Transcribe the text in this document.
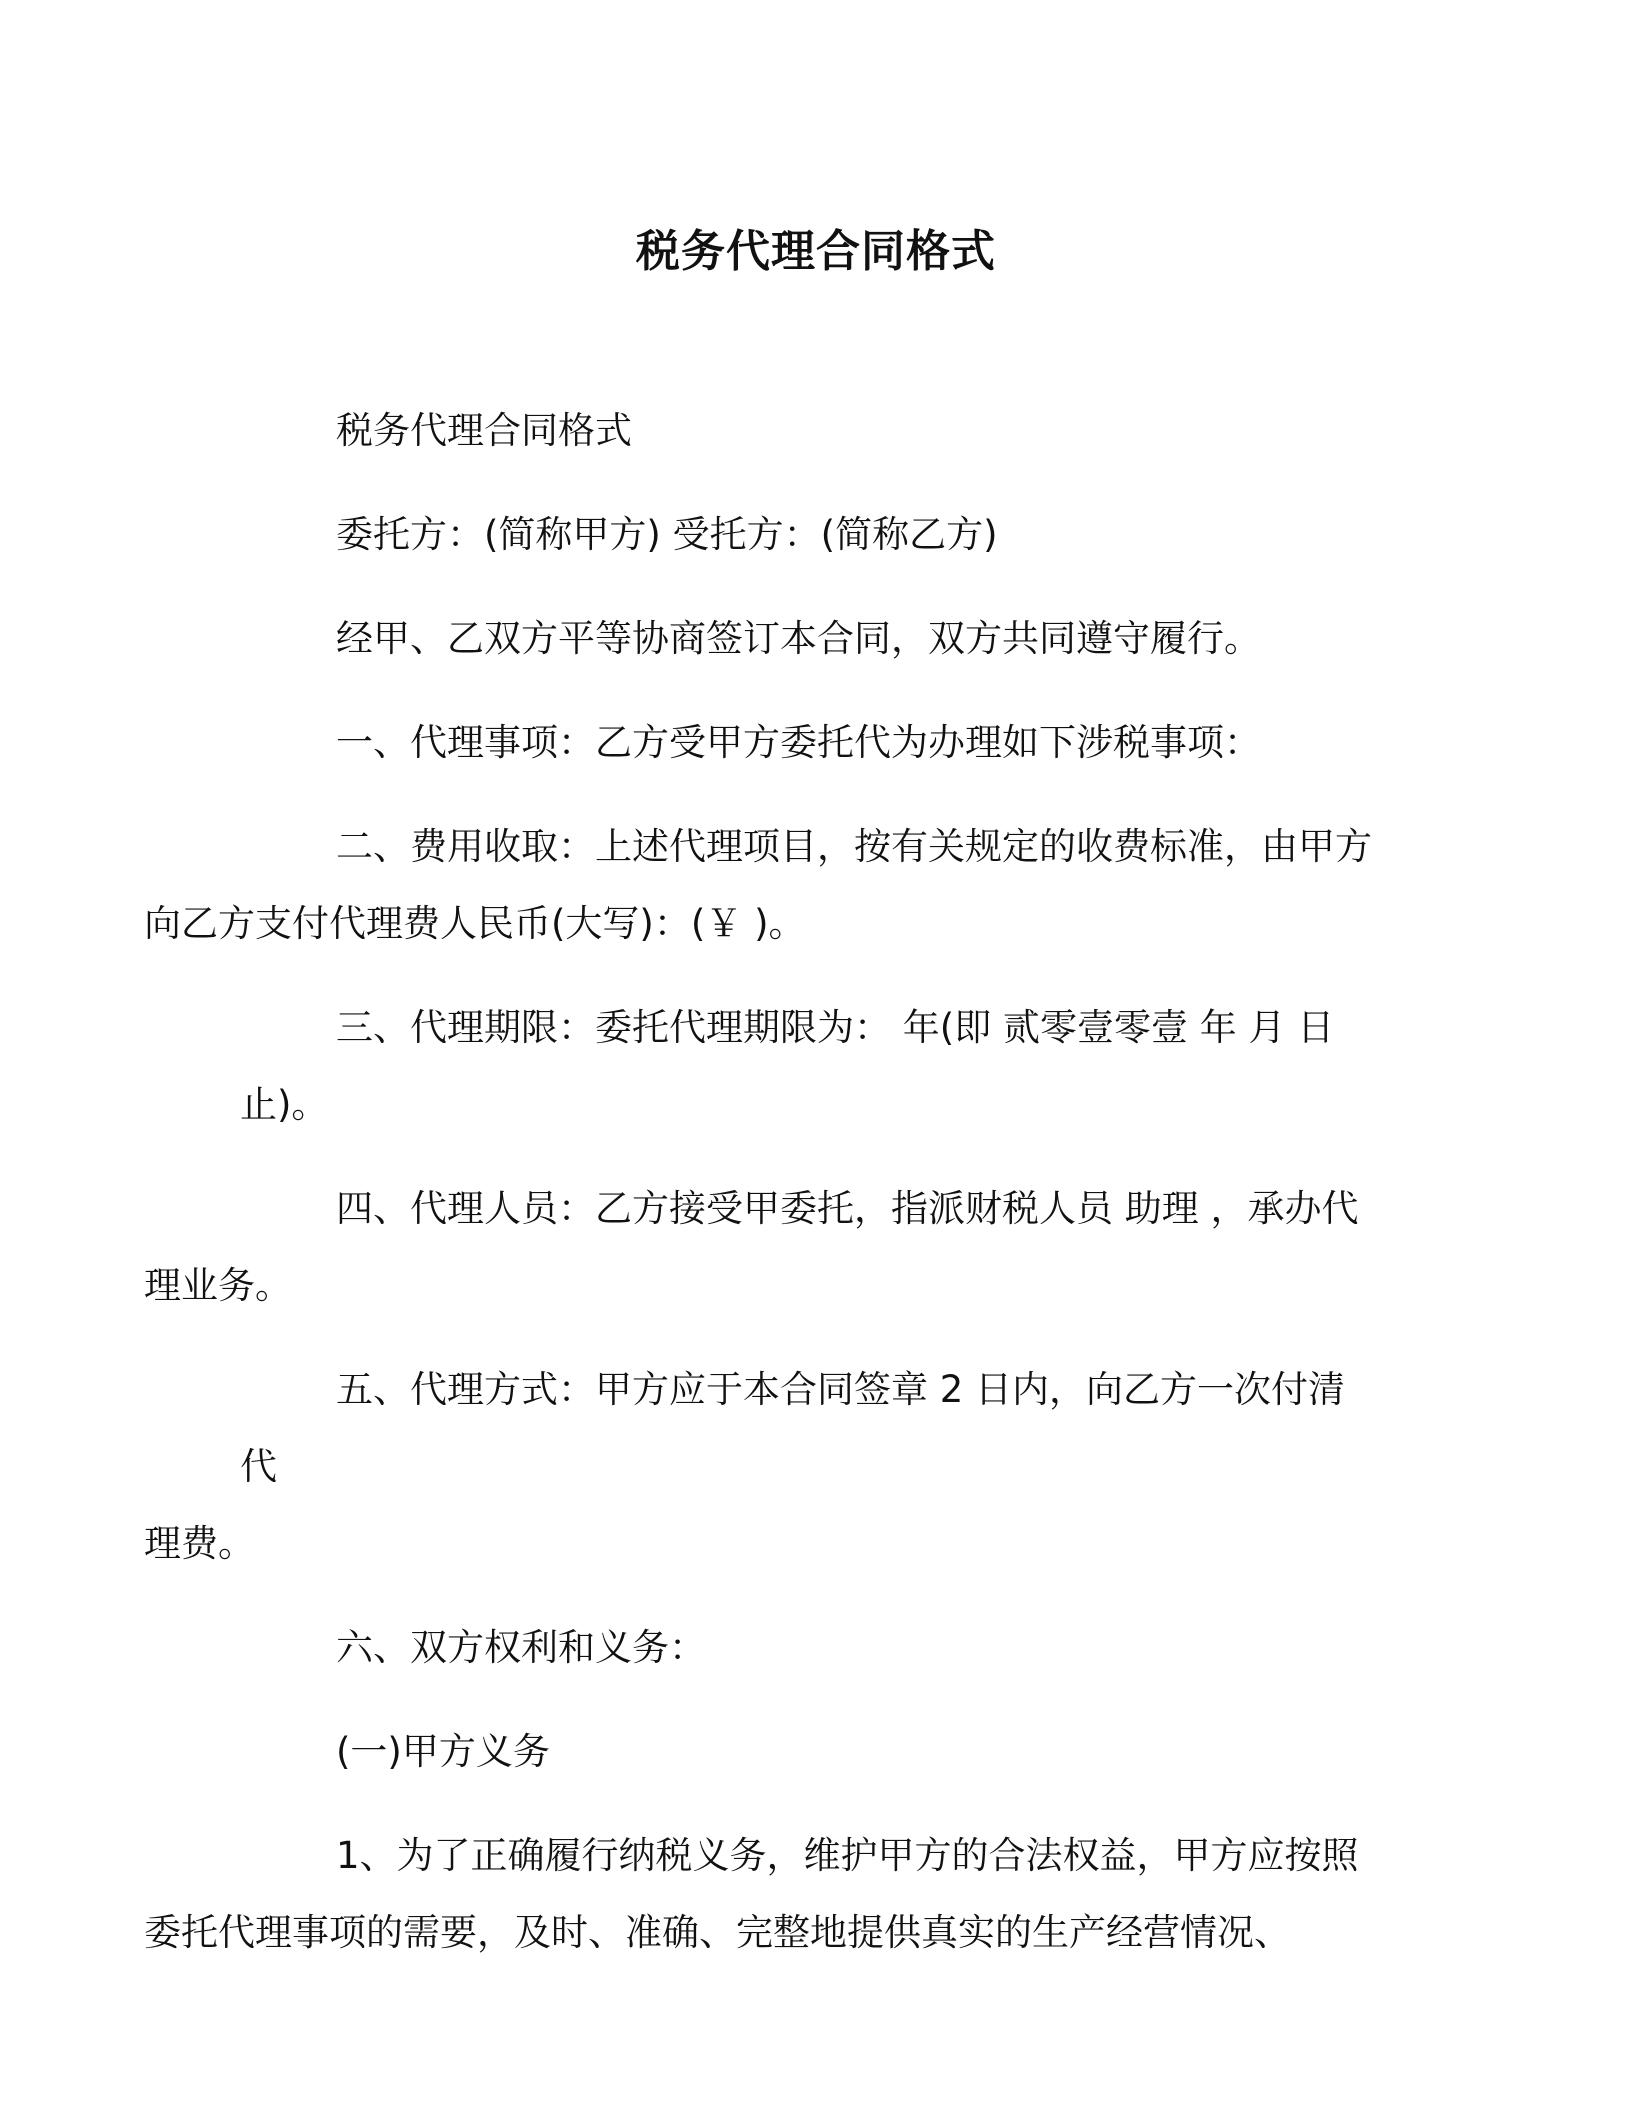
税务代理合同格式

税务代理合同格式

委托方：(简称甲方) 受托方：(简称乙方)

经甲、乙双方平等协商签订本合同，双方共同遵守履行。

一、代理事项：乙方受甲方委托代为办理如下涉税事项：

二、费用收取：上述代理项目，按有关规定的收费标准，由甲方
向乙方支付代理费人民币(大写)：(￥ )。

三、代理期限：委托代理期限为： 年(即 贰零壹零壹 年 月 日止)。

四、代理人员：乙方接受甲委托，指派财税人员 助理 ，承办代
理业务。

五、代理方式：甲方应于本合同签章 2 日内，向乙方一次付清代
理费。

六、双方权利和义务：

(一)甲方义务

1、为了正确履行纳税义务，维护甲方的合法权益，甲方应按照
委托代理事项的需要，及时、准确、完整地提供真实的生产经营情况、
